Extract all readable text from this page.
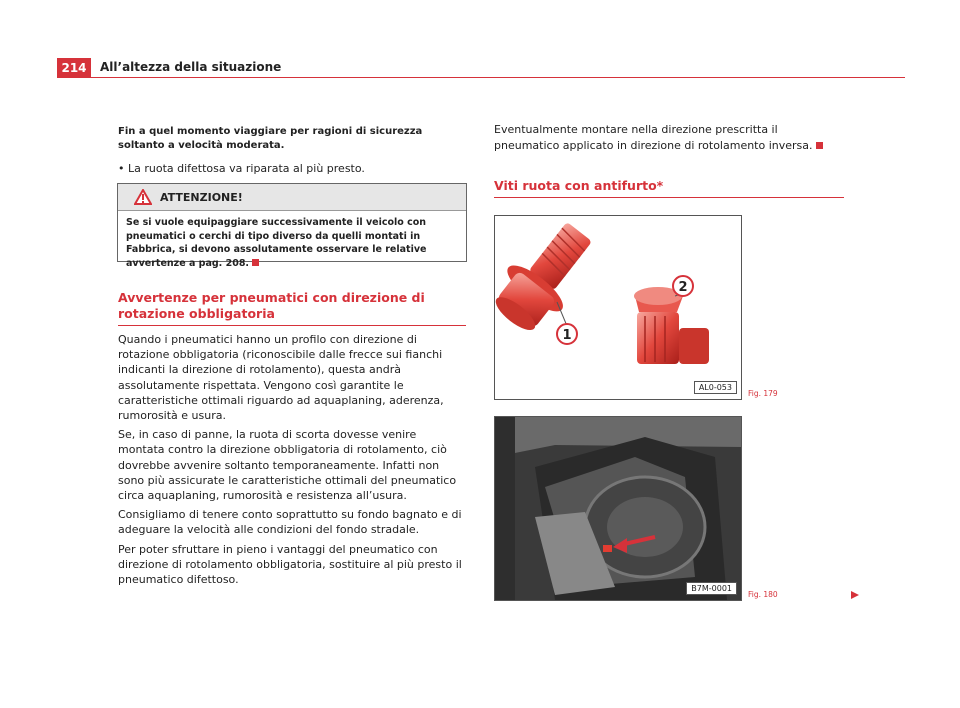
214	All’altezza della situazione

Fin a quel momento viaggiare per ragioni di sicurezza soltanto a velocità moderata.

• La ruota difettosa va riparata al più presto.

ATTENZIONE!
Se si vuole equipaggiare successivamente il veicolo con pneumatici o cerchi di tipo diverso da quelli montati in Fabbrica, si devono assolutamente osservare le relative avvertenze a pag. 208.
Avvertenze per pneumatici con direzione di rotazione obbligatoria

Quando i pneumatici hanno un profilo con direzione di rotazione obbligatoria (riconoscibile dalle frecce sui fianchi indicanti la direzione di rotolamento), questa andrà assolutamente rispettata. Vengono così garantite le caratteristiche ottimali riguardo ad aquaplaning, aderenza, rumorosità e usura.

Se, in caso di panne, la ruota di scorta dovesse venire montata contro la direzione obbligatoria di rotolamento, ciò dovrebbe avvenire soltanto temporaneamente. Infatti non sono più assicurate le caratteristiche ottimali del pneumatico circa aquaplaning, rumorosità e resistenza all’usura.

Consigliamo di tenere conto soprattutto su fondo bagnato e di adeguare la velocità alle condizioni del fondo stradale.

Per poter sfruttare in pieno i vantaggi del pneumatico con direzione di rotolamento obbligatoria, sostituire al più presto il pneumatico difettoso.

Eventualmente montare nella direzione prescritta il pneumatico applicato in direzione di rotolamento inversa.

Viti ruota con antifurto*
1
2
AL0-053
Fig. 179
B7M-0001
Fig. 180
